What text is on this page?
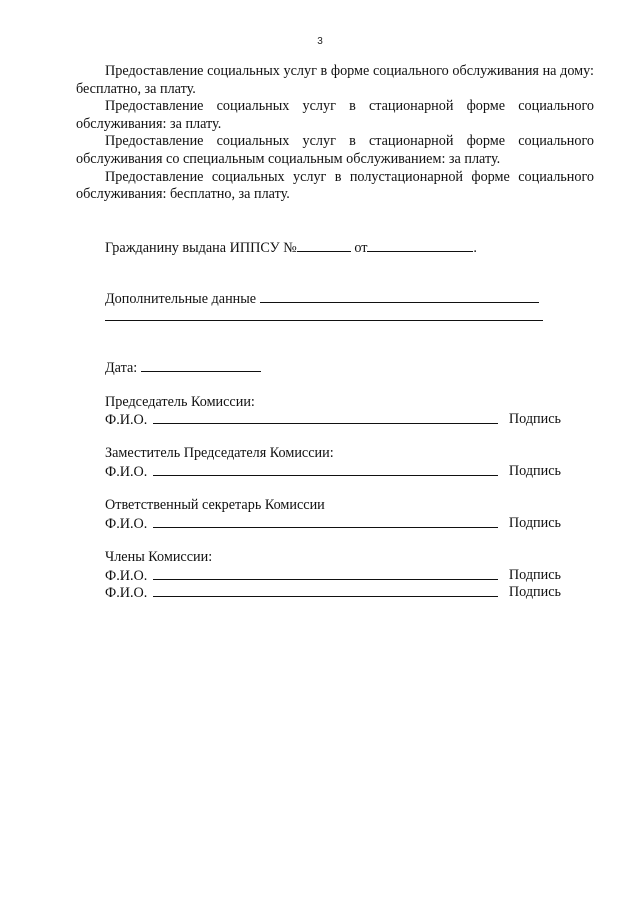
3

Предоставление социальных услуг в форме социального обслуживания на дому: бесплатно, за плату.

Предоставление социальных услуг в стационарной форме социального обслуживания: за плату.

Предоставление социальных услуг в стационарной форме социального обслуживания со специальным социальным обслуживанием: за плату.

Предоставление социальных услуг в полустационарной форме социального обслуживания: бесплатно, за плату.

Гражданину выдана ИППСУ №	от	.
Дополнительные данные
Дата:
Председатель Комиссии:
Ф.И.О.	Подпись
Заместитель Председателя Комиссии:
Ф.И.О.	Подпись
Ответственный секретарь Комиссии
Ф.И.О.	Подпись
Члены Комиссии:
Ф.И.О.	Подпись
Ф.И.О.	Подпись
